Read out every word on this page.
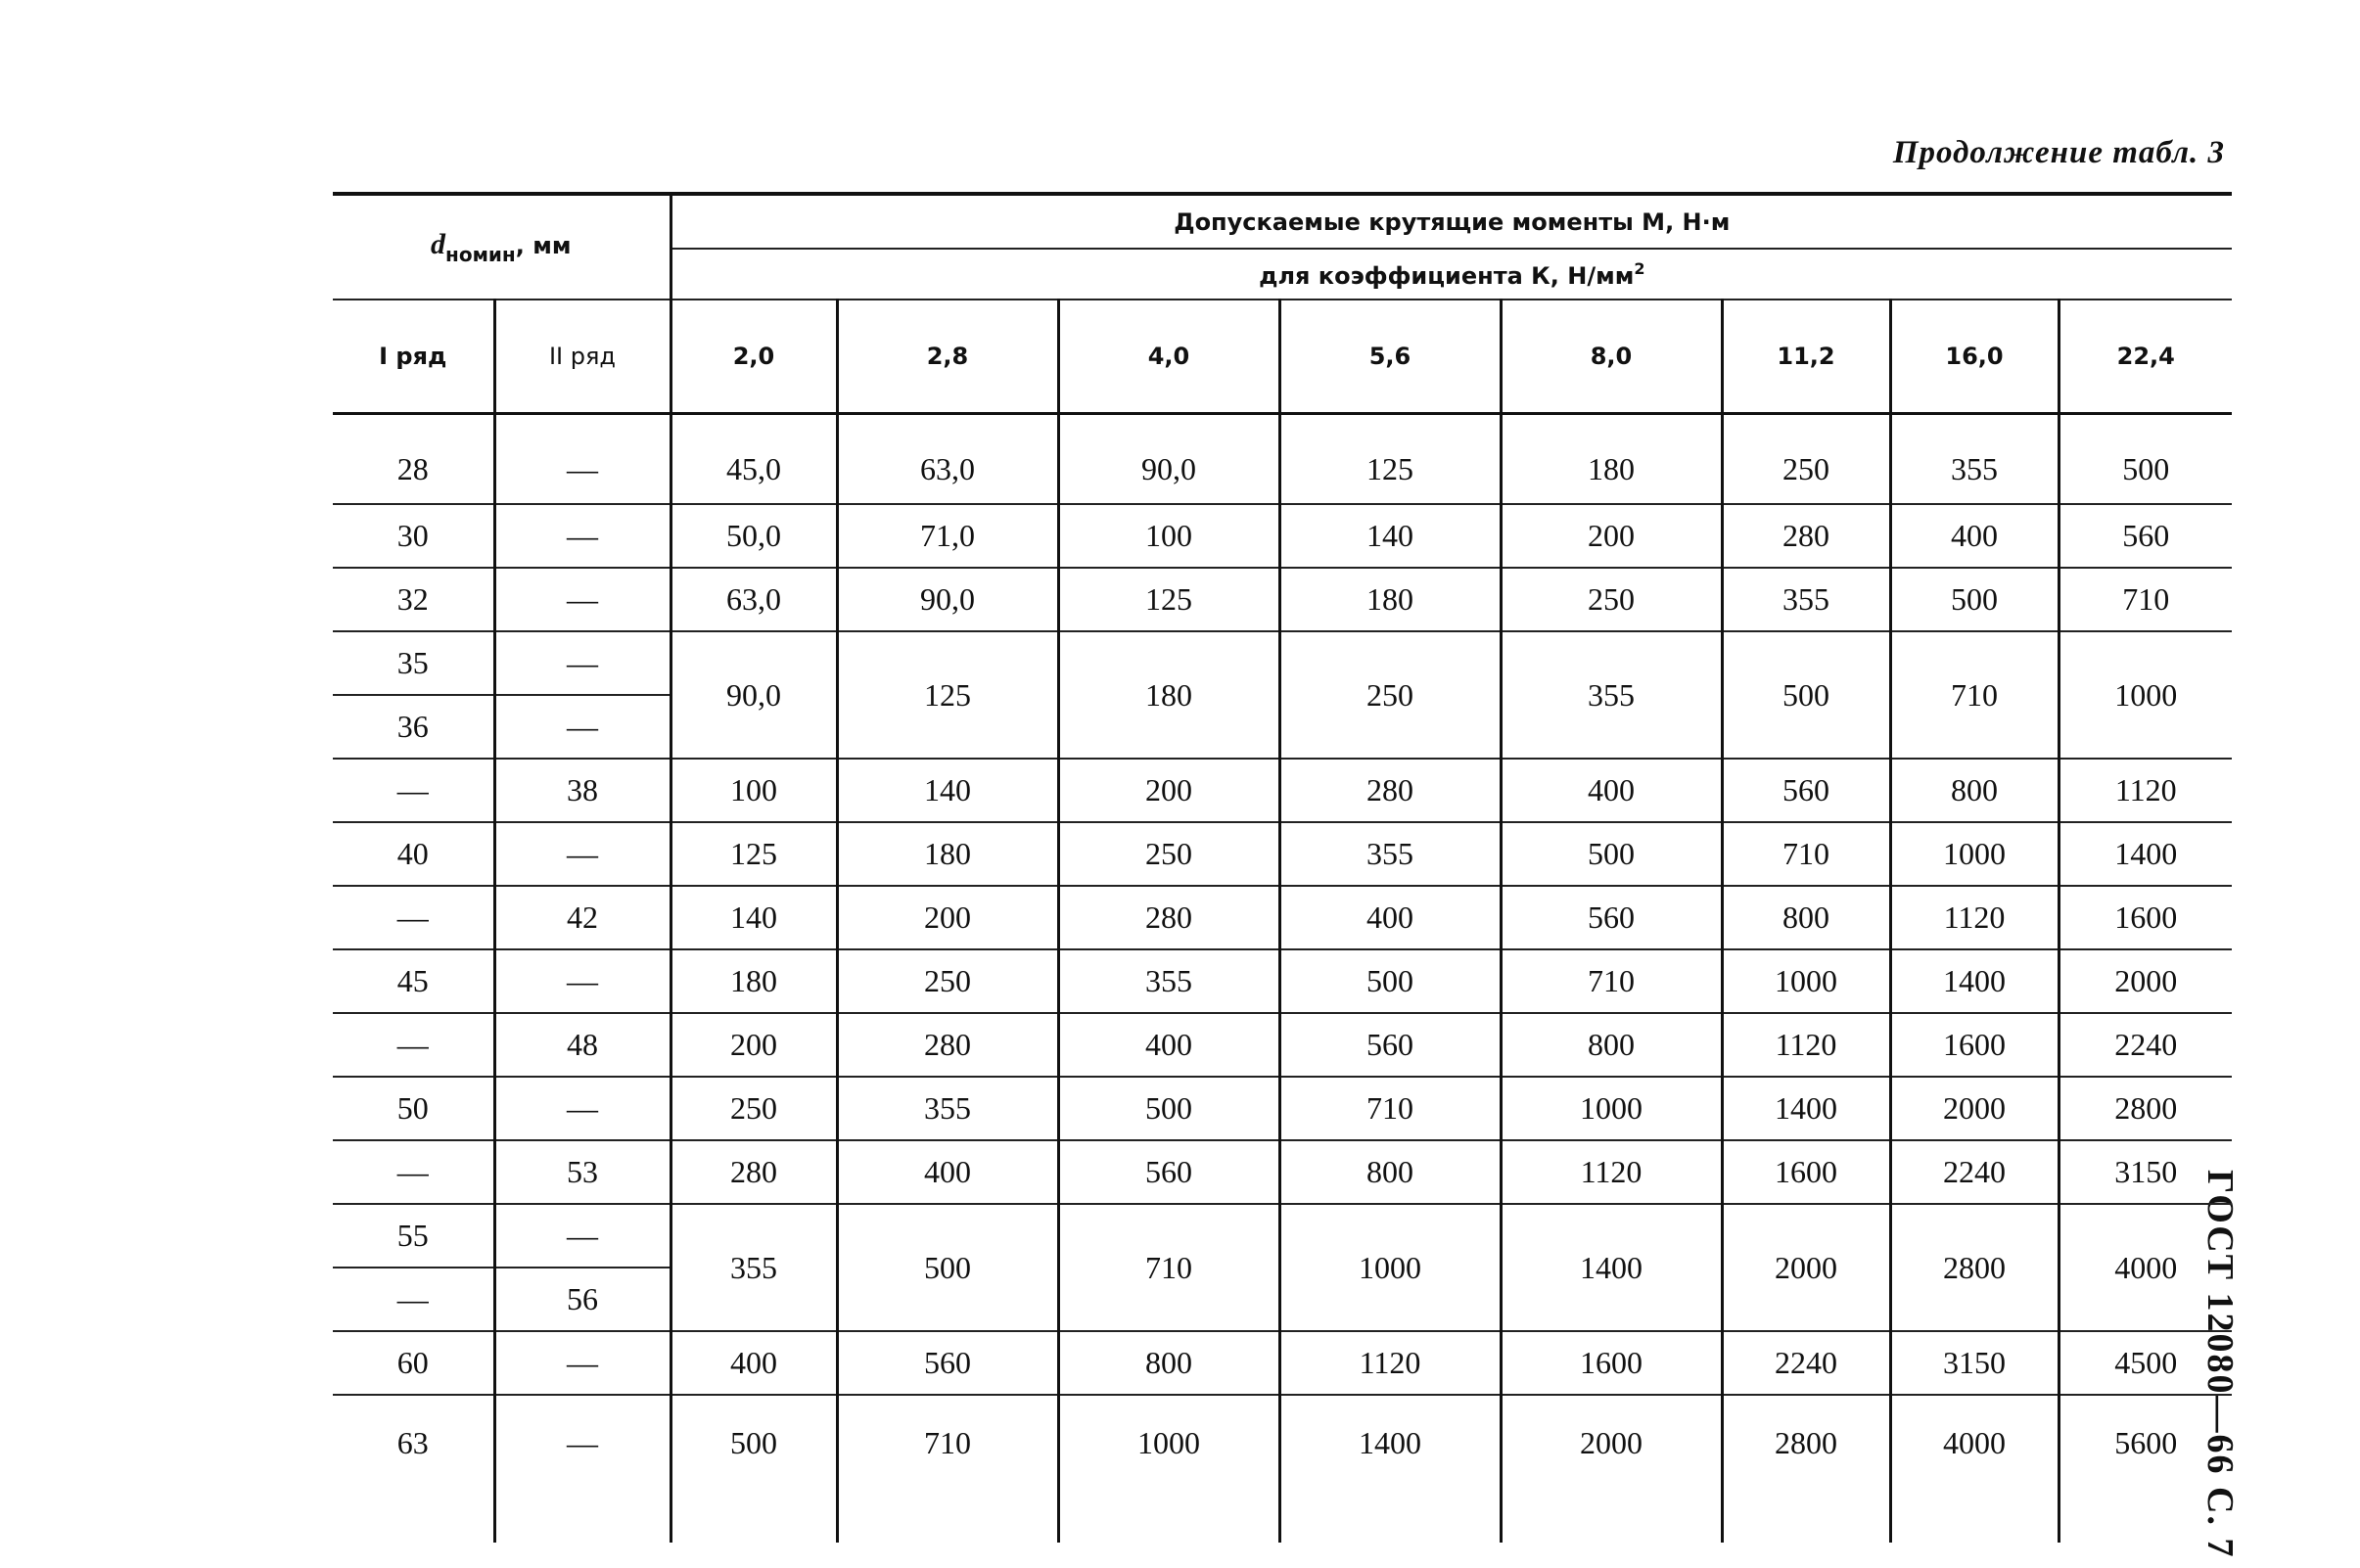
Продолжение табл. 3
ГОСТ 12080—66 С. 7
$d_{номин}$, мм		Допускаемые крутящие моменты М, Н·м							
		для коэффициента К, $Н/мм^2$
I ряд	II ряд	2,0	2,8	4,0	5,6	8,0	11,2	16,0	22,4
28	—	45,0	63,0	90,0	125	180	250	355	500
30	—	50,0	71,0	100	140	200	280	400	560
32	—	63,0	90,0	125	180	250	355	500	710
35	—	90,0	125	180	250	355	500	710	1000
36	—								
—	38	100	140	200	280	400	560	800	1120
40	—	125	180	250	355	500	710	1000	1400
—	42	140	200	280	400	560	800	1120	1600
45	—	180	250	355	500	710	1000	1400	2000
—	48	200	280	400	560	800	1120	1600	2240
50	—	250	355	500	710	1000	1400	2000	2800
—	53	280	400	560	800	1120	1600	2240	3150
55	—	355	500	710	1000	1400	2000	2800	4000
—	56								
60	—	400	560	800	1120	1600	2240	3150	4500
63	—	500	710	1000	1400	2000	2800	4000	5600
